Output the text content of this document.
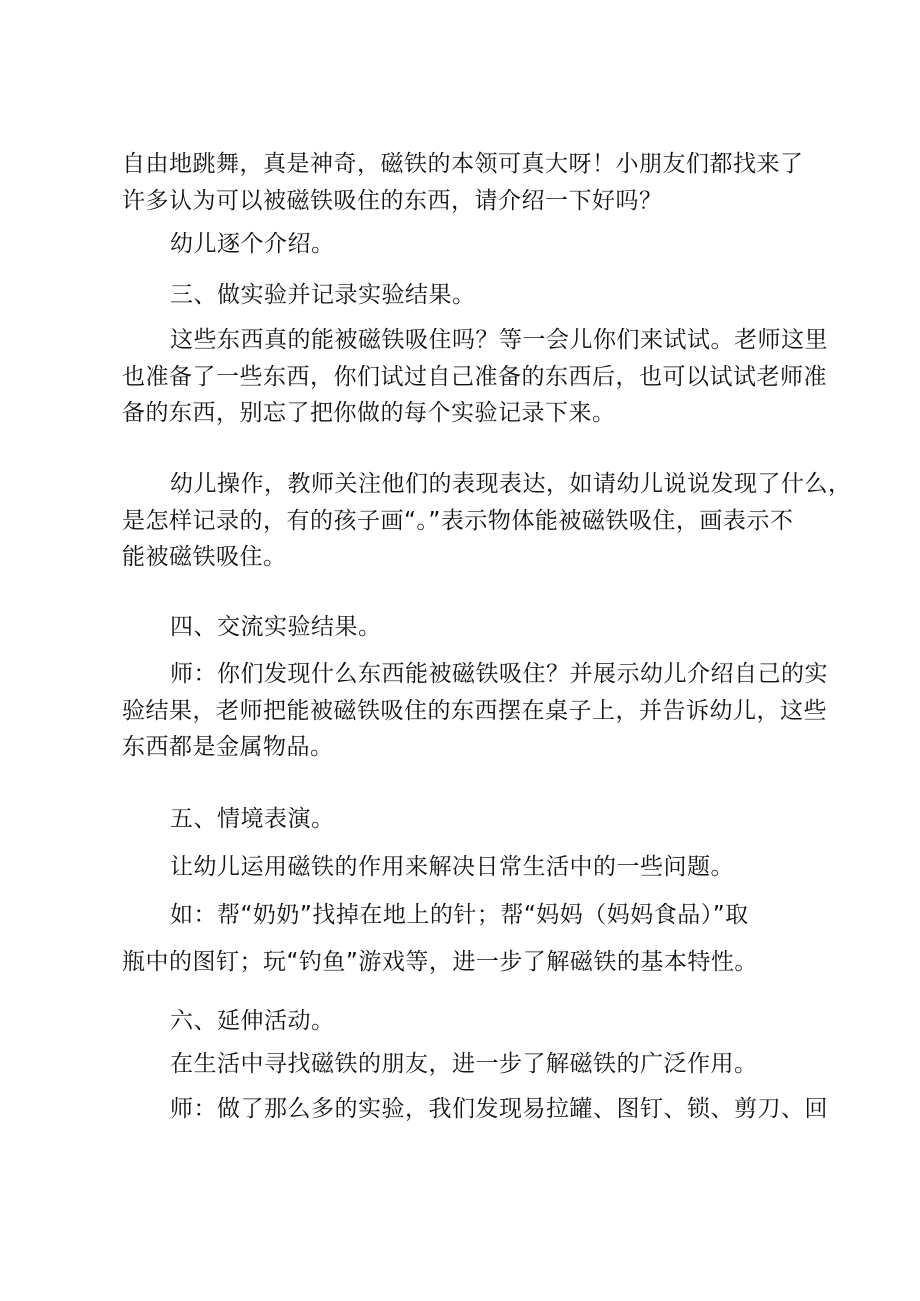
自由地跳舞，真是神奇，磁铁的本领可真大呀！小朋友们都找来了
许多认为可以被磁铁吸住的东西，请介绍一下好吗？

幼儿逐个介绍。

三、做实验并记录实验结果。

这些东西真的能被磁铁吸住吗？等一会儿你们来试试。老师这里
也准备了一些东西，你们试过自己准备的东西后，也可以试试老师准
备的东西，别忘了把你做的每个实验记录下来。

幼儿操作，教师关注他们的表现表达，如请幼儿说说发现了什么，
是怎样记录的，有的孩子画“。”表示物体能被磁铁吸住，画表示不
能被磁铁吸住。

四、交流实验结果。

师：你们发现什么东西能被磁铁吸住？并展示幼儿介绍自己的实
验结果，老师把能被磁铁吸住的东西摆在桌子上，并告诉幼儿，这些
东西都是金属物品。

五、情境表演。

让幼儿运用磁铁的作用来解决日常生活中的一些问题。

如：帮“奶奶”找掉在地上的针；帮“妈妈（妈妈食品）”取
瓶中的图钉；玩“钓鱼”游戏等，进一步了解磁铁的基本特性。

六、延伸活动。

在生活中寻找磁铁的朋友，进一步了解磁铁的广泛作用。

师：做了那么多的实验，我们发现易拉罐、图钉、锁、剪刀、回
